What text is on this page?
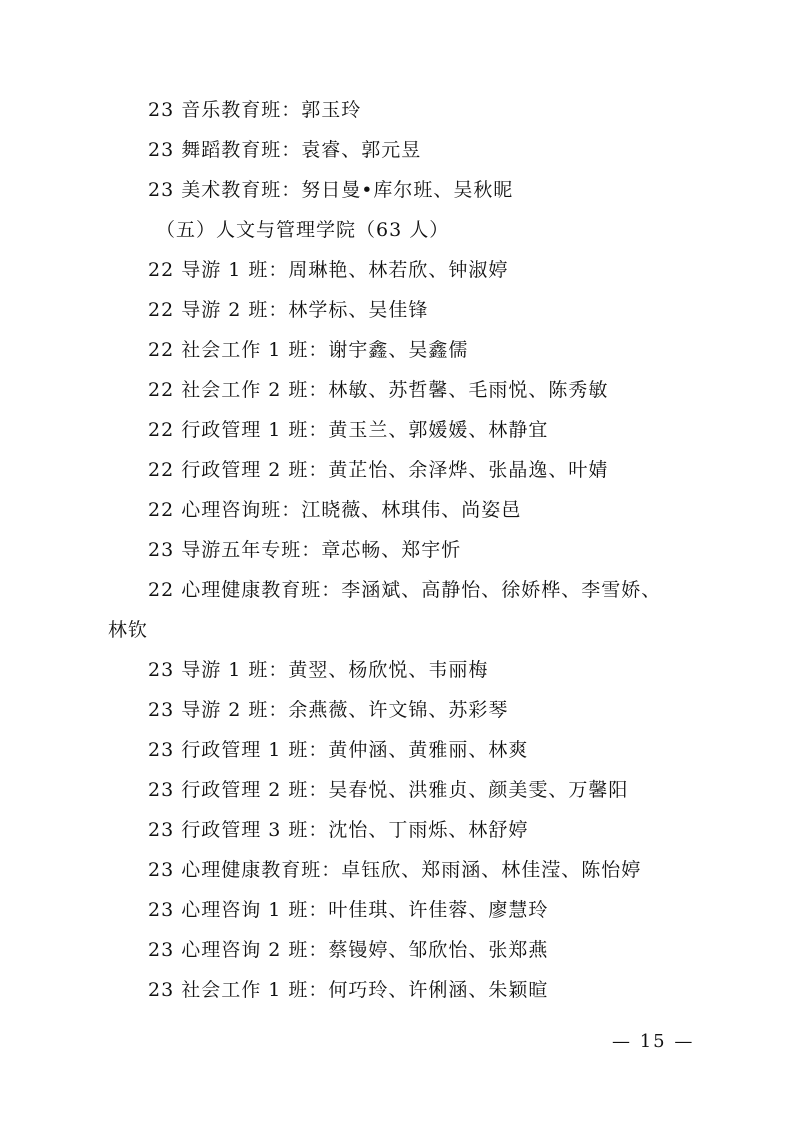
23 音乐教育班：郭玉玲
23 舞蹈教育班：袁睿、郭元昱
23 美术教育班：努日曼•库尔班、吴秋昵
（五）人文与管理学院（63 人）
22 导游 1 班：周琳艳、林若欣、钟淑婷
22 导游 2 班：林学标、吴佳锋
22 社会工作 1 班：谢宇鑫、吴鑫儒
22 社会工作 2 班：林敏、苏哲馨、毛雨悦、陈秀敏
22 行政管理 1 班：黄玉兰、郭媛媛、林静宜
22 行政管理 2 班：黄芷怡、余泽烨、张晶逸、叶婧
22 心理咨询班：江晓薇、林琪伟、尚姿邑
23 导游五年专班：章芯畅、郑宇忻
22 心理健康教育班：李涵斌、高静怡、徐娇桦、李雪娇、
林钦
23 导游 1 班：黄翌、杨欣悦、韦丽梅
23 导游 2 班：余燕薇、许文锦、苏彩琴
23 行政管理 1 班：黄仲涵、黄雅丽、林爽
23 行政管理 2 班：吴春悦、洪雅贞、颜美雯、万馨阳
23 行政管理 3 班：沈怡、丁雨烁、林舒婷
23 心理健康教育班：卓钰欣、郑雨涵、林佳滢、陈怡婷
23 心理咨询 1 班：叶佳琪、许佳蓉、廖慧玲
23 心理咨询 2 班：蔡镘婷、邹欣怡、张郑燕
23 社会工作 1 班：何巧玲、许俐涵、朱颖暄
— 15 —
